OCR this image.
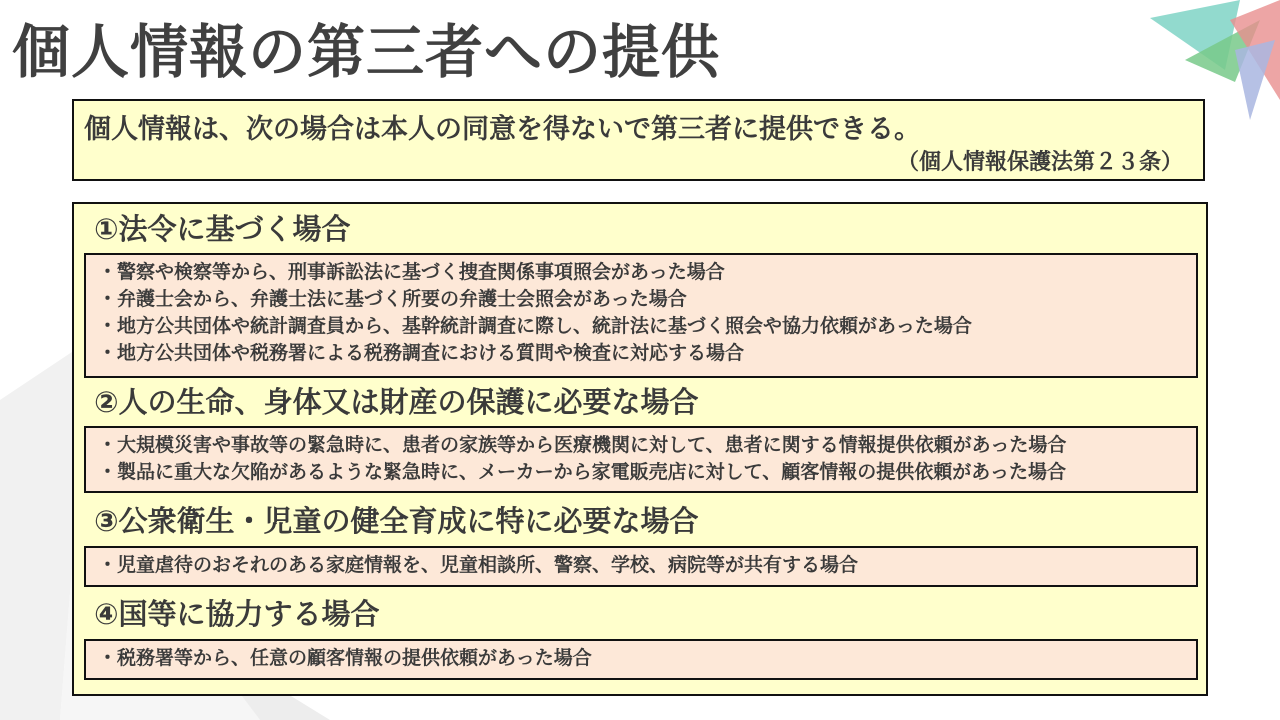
個人情報の第三者への提供
個人情報は、次の場合は本人の同意を得ないで第三者に提供できる。
（個人情報保護法第２３条）
①法令に基づく場合
・警察や検察等から、刑事訴訟法に基づく捜査関係事項照会があった場合
・弁護士会から、弁護士法に基づく所要の弁護士会照会があった場合
・地方公共団体や統計調査員から、基幹統計調査に際し、統計法に基づく照会や協力依頼があった場合
・地方公共団体や税務署による税務調査における質問や検査に対応する場合
②人の生命、身体又は財産の保護に必要な場合
・大規模災害や事故等の緊急時に、患者の家族等から医療機関に対して、患者に関する情報提供依頼があった場合
・製品に重大な欠陥があるような緊急時に、メーカーから家電販売店に対して、顧客情報の提供依頼があった場合
③公衆衛生・児童の健全育成に特に必要な場合
・児童虐待のおそれのある家庭情報を、児童相談所、警察、学校、病院等が共有する場合
④国等に協力する場合
・税務署等から、任意の顧客情報の提供依頼があった場合
